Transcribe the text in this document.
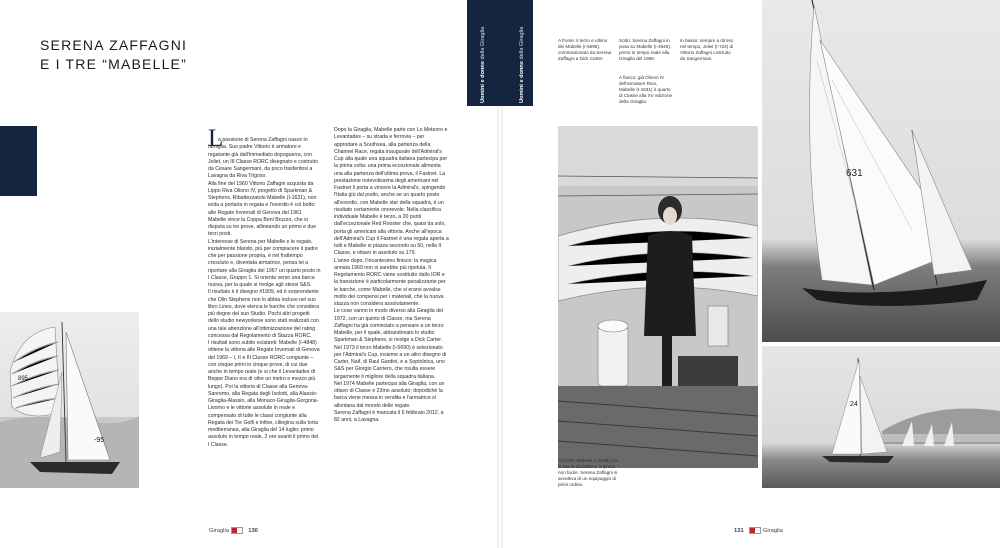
SERENA ZAFFAGNI
E I TRE “MABELLE”
L
a passione di Serena Zaffagni nasce in famiglia. Suo padre Vittorio è armatore e regatante già dall'immediato dopoguerra, con Joliet, un III Classe RORC disegnato e costruito da Cesare Sangermani, da poco trasferitosi a Lavagna da Riva Trigoso.
Alla fine del 1960 Vittorio Zaffagni acquista da Lippo Riva Oliono IV, progetto di Sparkman & Stephens. Ribattezzatolo Mabelle (I-1631), non esita a portarla in regata e l'esordio è col botto: alle Regate Invernali di Genova del 1961 Mabelle vince la Coppa Beni Bruzzo, che si disputa su tre prove, allineando un primo e due terzi posti.
L'interesse di Serena per Mabelle e le regate, inizialmente blando, più per compiacere il padre che per passione propria, è nel frattempo cresciuto e, diventata armatrice, pensa lei a riportare alla Giraglia del 1967 un quarto posto in I Classe, Gruppo 1. Si orienta verso una barca nuova, per la quale si rivolge agli stessi S&S.
Il risultato è il disegno #1909, ed è sorprendente che Olin Stephens non lo abbia incluso nel suo libro Lines, dove elenca le barche che considera più degne del suo Studio. Pochi altri progetti dello studio newyorkese sono stati realizzati con una tale attenzione all'ottimizzazione del rating concessa dal Regolamento di Stazza RORC.
I risultati sono subito eclatanti: Mabelle (I-4848) ottiene la vittoria alle Regate Invernali di Genova del 1969 – I, II e III Classe RORC congiunte – con cinque primi in cinque prove, di cui due anche in tempo reale (e si che il Levantades di Beppe Diano era di oltre un metro e mezzo più lungo). Poi la vittoria di Classe alla Genova-Sanremo, alla Regata degli Isolotti, alla Alassio-Giraglia-Alassio, alla Monaco-Giraglia-Gorgona-Livorno e le vittorie assolute in reale e compensato di tutte le classi congiunte alla Regata dei Tre Golfi e infine, ciliegina sulla torta mediterranea, alla Giraglia del 14 luglio: primo assoluto in tempo reale, 2 ore avanti il primo del I Classe.
Dopo la Giraglia, Mabelle parte con Lo Meteoro e Levantades – su strada e ferrovia – per approdare a Southsea, alla partenza della Channel Race, regata inaugurale dell'Admiral's Cup alla quale una squadra italiana partecipa per la prima volta: una prima eccezionale alimenta una alla partenza dell'ultima prova, il Fastnet. La prestazione notevolissima degli americani nel Fastnet li porta a vincere la Admiral's, spingendo l'Italia giù dal podio, anche se un quarto posto all'esordio, con Mabelle star della squadra, è un risultato certamente onorevole. Nella classifica individuale Mabelle è terzo, a 20 punti dall'eccezionale Red Rooster che, quasi da solo, porta gli americani alla vittoria. Anche all'epoca dell'Admiral's Cup il Fastnet è una regata aperta a tutti e Mabelle si piazza secondo su 50, nella II Classe, e ottavo in assoluto su 179.
L'anno dopo, l'incantesimo finisce: la magica annata 1969 non si sarebbe più ripetuta. Il Regolamento RORC viene sostituito dallo IOR e la transizione è particolarmente penalizzante per le barche, come Mabelle, che si erano avvalse molto dei compensi per i materiali, che la nuova stazza non considera assolutamente.
Le cose vanno in modo diverso alla Giraglia del 1972, con un quinto di Classe, ma Serena Zaffagni ha già cominciato a pensare a un terzo Mabelle, per il quale, abbandonato lo studio Sparkman & Stephens, si rivolge a Dick Carter.
Nel 1973 il terzo Mabelle (I-5690) è selezionato per l'Admiral's Cup, insieme a un altro disegno di Carter, Naif, di Raul Gardini, e a Soptolnica, uno S&S per Giorgio Carriero, che risulta essere largamente il migliore della squadra italiana.
Nel 1974 Mabelle partecipa alla Giraglia, con un ottavo di Classe e 23mo assoluto; dopodiché la barca viene messa in vendita e l'armatrice si allontana dal mondo delle regate.
Serena Zaffagni è mancata il 6 febbraio 2012, a 82 anni, a Lavagna.
895
-95
Giraglia	130
Uomini e donne della Giraglia
Uomini e donne della Giraglia	A fronte: il terzo e ultimo dei Mabelle (I-5695), commissionato da Serena Zaffagni a Dick Carter.
Sotto: Serena Zaffagni in posa su Mabelle (I-4848), primo in tempo reale alla Giraglia del 1969.
A fianco: già Oliono IV dell'armatore Riva, Mabelle (I-1631) è quarto di Classe alla XV edizione della Giraglia.
In basso: sempre a ritroso nel tempo, Joliet (I-724) di Vittorio Zaffagni costruito da Sangermani.
A fronte: Mabelle (I-4848) era la barca da battere, impresa non facile. Serena Zaffagni si avvaleva di un equipaggio di primi ordine.
631
24
131	Giraglia
